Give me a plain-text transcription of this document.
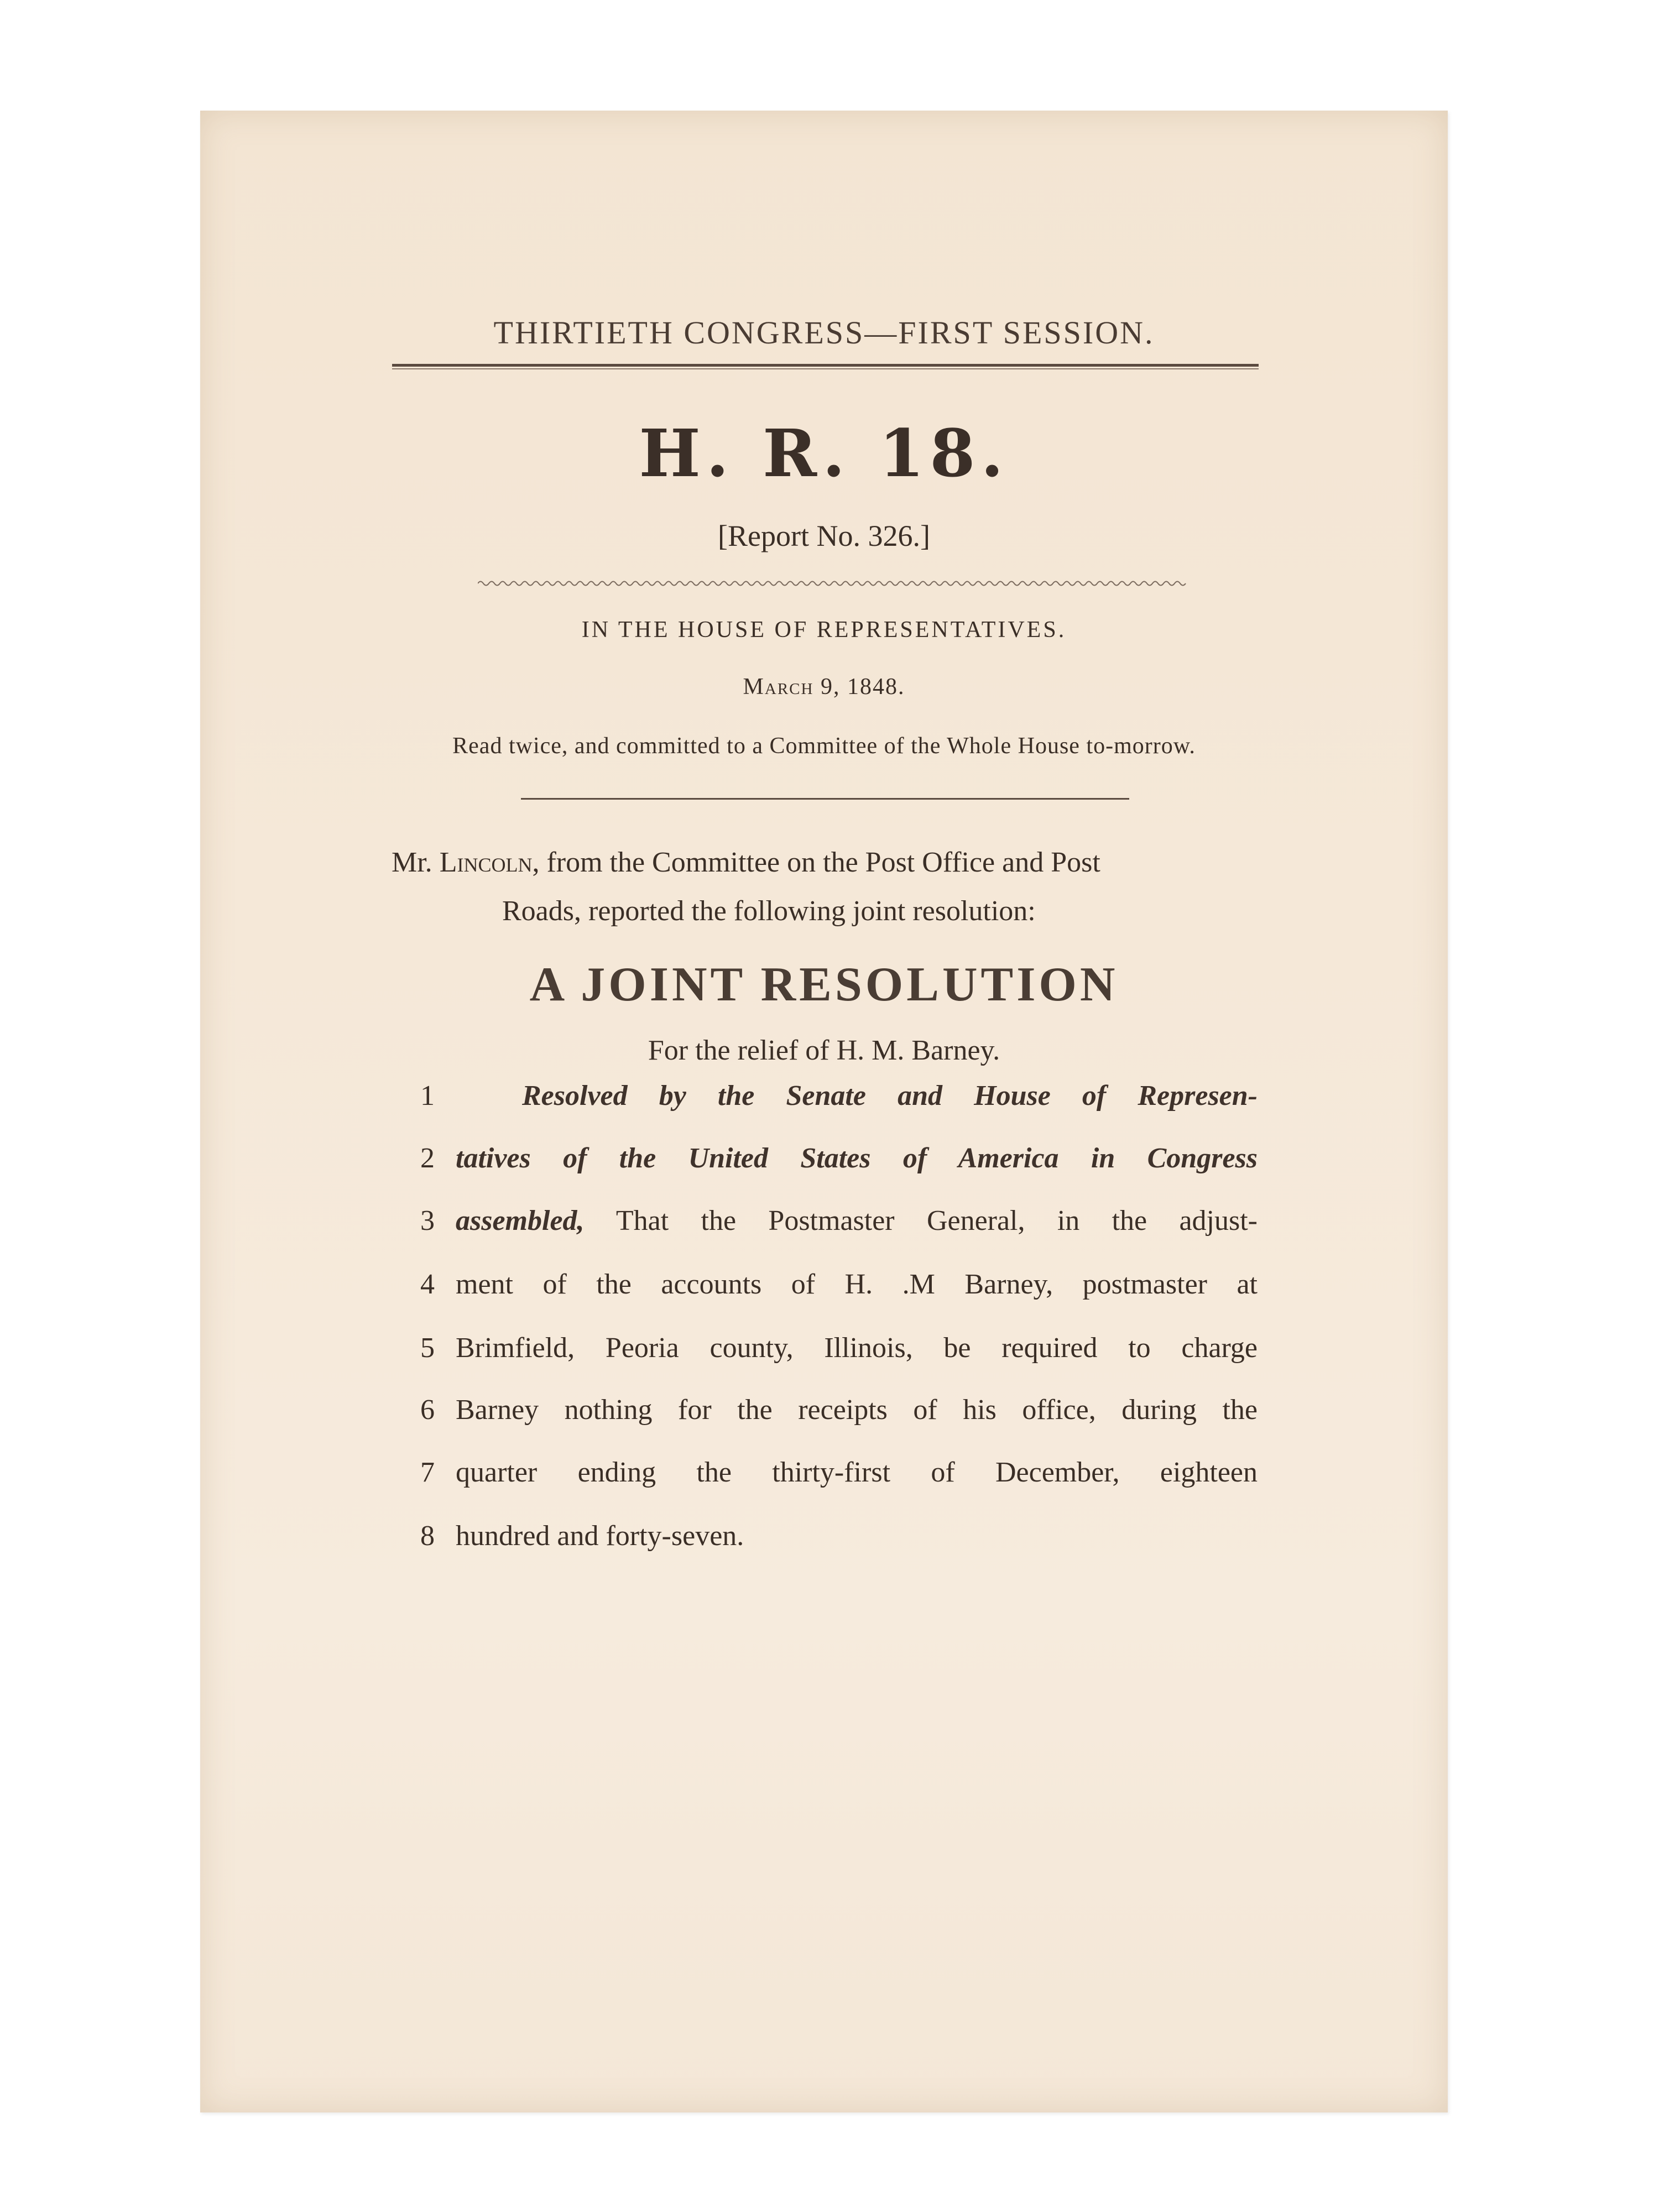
THIRTIETH CONGRESS—FIRST SESSION.
H. R. 18.
[Report No. 326.]
IN THE HOUSE OF REPRESENTATIVES.
March 9, 1848.
Read twice, and committed to a Committee of the Whole House to-morrow.
Mr. Lincoln, from the Committee on the Post Office and Post
Roads, reported the following joint resolution:
A JOINT RESOLUTION
For the relief of H. M. Barney.
1	Resolved by the Senate and House of Represen-
2 tatives of the United States of America in Congress
3 assembled, That the Postmaster General, in the adjust-
4 ment of the accounts of H. .M Barney, postmaster at
5 Brimfield, Peoria county, Illinois, be required to charge
6 Barney nothing for the receipts of his office, during the
7 quarter ending the thirty-first of December, eighteen
8 hundred and forty-seven.
